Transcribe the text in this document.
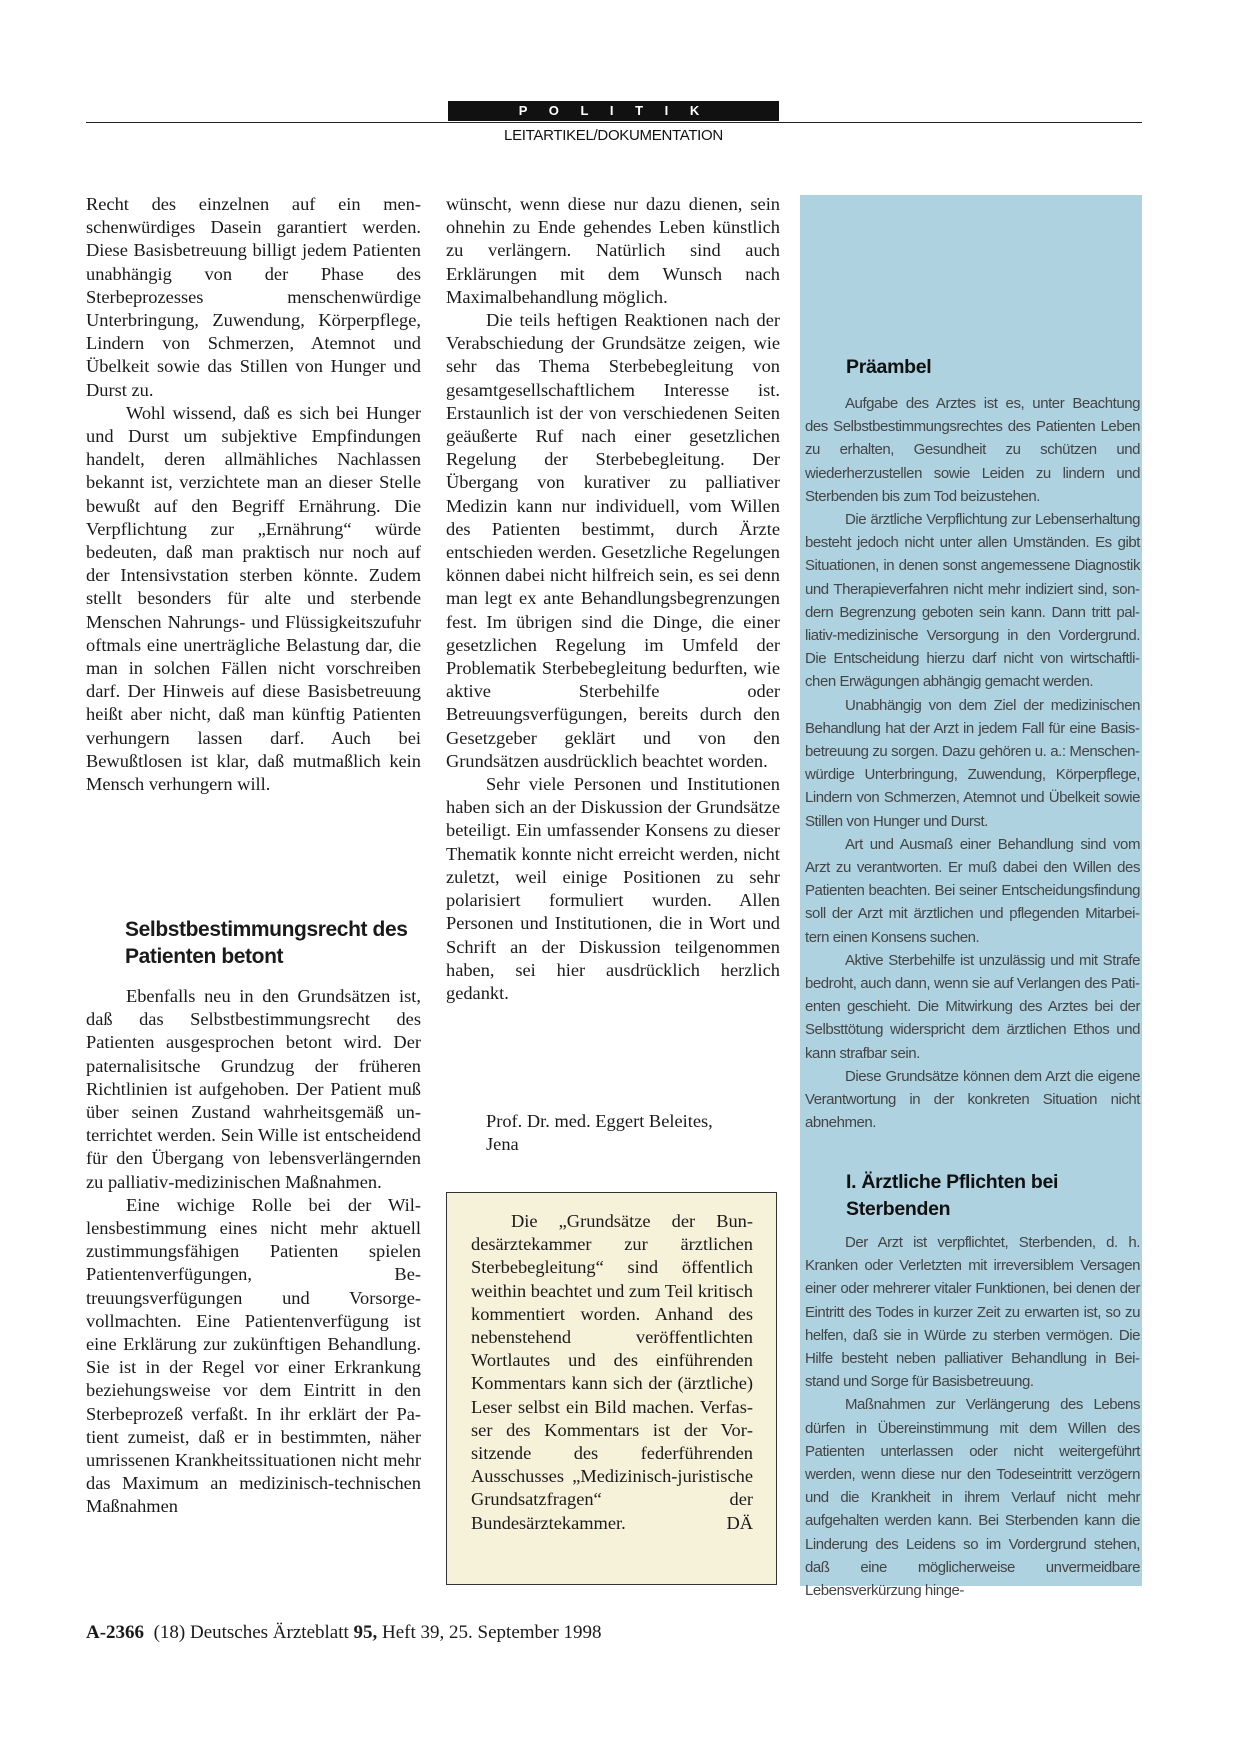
P O L I T I K
LEITARTIKEL/DOKUMENTATION

Recht des einzelnen auf ein menschenwürdiges Dasein garantiert werden. Diese Basisbetreuung billigt jedem Patienten unabhängig von der Phase des Sterbeprozesses menschenwürdige Unterbringung, Zuwendung, Körperpflege, Lindern von Schmerzen, Atemnot und Übelkeit sowie das Stillen von Hunger und Durst zu.

Wohl wissend, daß es sich bei Hunger und Durst um subjektive Empfindungen handelt, deren allmähliches Nachlassen bekannt ist, verzichtete man an dieser Stelle bewußt auf den Begriff Ernährung. Die Verpflichtung zur „Ernährung“ würde bedeuten, daß man praktisch nur noch auf der Intensivstation sterben könnte. Zudem stellt besonders für alte und sterbende Menschen Nahrungs- und Flüssigkeitszufuhr oftmals eine unerträgliche Belastung dar, die man in solchen Fällen nicht vorschreiben darf. Der Hinweis auf diese Basisbetreuung heißt aber nicht, daß man künftig Patienten verhungern lassen darf. Auch bei Bewußtlosen ist klar, daß mutmaßlich kein Mensch verhungern will.

Selbstbestimmungsrecht des Patienten betont

Ebenfalls neu in den Grundsätzen ist, daß das Selbstbestimmungsrecht des Patienten ausgesprochen betont wird. Der paternalisitsche Grundzug der früheren Richtlinien ist aufgehoben. Der Patient muß über seinen Zustand wahrheitsgemäß unterrichtet werden. Sein Wille ist entscheidend für den Übergang von lebensverlängernden zu palliativ-medizinischen Maßnahmen.

Eine wichige Rolle bei der Willensbestimmung eines nicht mehr aktuell zustimmungsfähigen Patienten spielen Patientenverfügungen, Betreuungsverfügungen und Vorsorgevollmachten. Eine Patientenverfügung ist eine Erklärung zur zukünftigen Behandlung. Sie ist in der Regel vor einer Erkrankung beziehungsweise vor dem Eintritt in den Sterbeprozeß verfaßt. In ihr erklärt der Patient zumeist, daß er in bestimmten, näher umrissenen Krankheitssituationen nicht mehr das Maximum an medizinisch-technischen Maßnahmen

wünscht, wenn diese nur dazu dienen, sein ohnehin zu Ende gehendes Leben künstlich zu verlängern. Natürlich sind auch Erklärungen mit dem Wunsch nach Maximalbehandlung möglich.

Die teils heftigen Reaktionen nach der Verabschiedung der Grundsätze zeigen, wie sehr das Thema Sterbebegleitung von gesamtgesellschaftlichem Interesse ist. Erstaunlich ist der von verschiedenen Seiten geäußerte Ruf nach einer gesetzlichen Regelung der Sterbebegleitung. Der Übergang von kurativer zu palliativer Medizin kann nur individuell, vom Willen des Patienten bestimmt, durch Ärzte entschieden werden. Gesetzliche Regelungen können dabei nicht hilfreich sein, es sei denn man legt ex ante Behandlungsbegrenzungen fest. Im übrigen sind die Dinge, die einer gesetzlichen Regelung im Umfeld der Problematik Sterbebegleitung bedurften, wie aktive Sterbehilfe oder Betreuungsverfügungen, bereits durch den Gesetzgeber geklärt und von den Grundsätzen ausdrücklich beachtet worden.

Sehr viele Personen und Institutionen haben sich an der Diskussion der Grundsätze beteiligt. Ein umfassender Konsens zu dieser Thematik konnte nicht erreicht werden, nicht zuletzt, weil einige Positionen zu sehr polarisiert formuliert wurden. Allen Personen und Institutionen, die in Wort und Schrift an der Diskussion teilgenommen haben, sei hier ausdrücklich herzlich gedankt.

Prof. Dr. med. Eggert Beleites,

Jena

Die „Grundsätze der Bundesärztekammer zur ärztlichen Sterbebegleitung“ sind öffentlich weithin beachtet und zum Teil kritisch kommentiert worden. Anhand des nebenstehend veröffentlichten Wortlautes und des einführenden Kommentars kann sich der (ärztliche) Leser selbst ein Bild machen. Verfasser des Kommentars ist der Vorsitzende des federführenden Ausschusses „Medizinisch-juristische Grundsatzfragen“ der Bundesärztekammer.	DÄ

Präambel

Aufgabe des Arztes ist es, unter Beachtung des Selbstbestimmungsrechtes des Patienten Leben zu erhalten, Gesundheit zu schützen und wiederherzustellen sowie Leiden zu lindern und Sterbenden bis zum Tod beizustehen.

Die ärztliche Verpflichtung zur Lebenserhaltung besteht jedoch nicht unter allen Umständen. Es gibt Situationen, in denen sonst angemessene Diagnostik und Therapieverfahren nicht mehr indiziert sind, sondern Begrenzung geboten sein kann. Dann tritt palliativ-medizinische Versorgung in den Vordergrund. Die Entscheidung hierzu darf nicht von wirtschaftlichen Erwägungen abhängig gemacht werden.

Unabhängig von dem Ziel der medizinischen Behandlung hat der Arzt in jedem Fall für eine Basisbetreuung zu sorgen. Dazu gehören u. a.: Menschenwürdige Unterbringung, Zuwendung, Körperpflege, Lindern von Schmerzen, Atemnot und Übelkeit sowie Stillen von Hunger und Durst.

Art und Ausmaß einer Behandlung sind vom Arzt zu verantworten. Er muß dabei den Willen des Patienten beachten. Bei seiner Entscheidungsfindung soll der Arzt mit ärztlichen und pflegenden Mitarbeitern einen Konsens suchen.

Aktive Sterbehilfe ist unzulässig und mit Strafe bedroht, auch dann, wenn sie auf Verlangen des Patienten geschieht. Die Mitwirkung des Arztes bei der Selbsttötung widerspricht dem ärztlichen Ethos und kann strafbar sein.

Diese Grundsätze können dem Arzt die eigene Verantwortung in der konkreten Situation nicht abnehmen.

I. Ärztliche Pflichten bei Sterbenden

Der Arzt ist verpflichtet, Sterbenden, d. h. Kranken oder Verletzten mit irreversiblem Versagen einer oder mehrerer vitaler Funktionen, bei denen der Eintritt des Todes in kurzer Zeit zu erwarten ist, so zu helfen, daß sie in Würde zu sterben vermögen. Die Hilfe besteht neben palliativer Behandlung in Beistand und Sorge für Basisbetreuung.

Maßnahmen zur Verlängerung des Lebens dürfen in Übereinstimmung mit dem Willen des Patienten unterlassen oder nicht weitergeführt werden, wenn diese nur den Todeseintritt verzögern und die Krankheit in ihrem Verlauf nicht mehr aufgehalten werden kann. Bei Sterbenden kann die Linderung des Leidens so im Vordergrund stehen, daß eine möglicherweise unvermeidbare Lebensverkürzung hinge-

A-2366 (18) Deutsches Ärzteblatt 95, Heft 39, 25. September 1998
